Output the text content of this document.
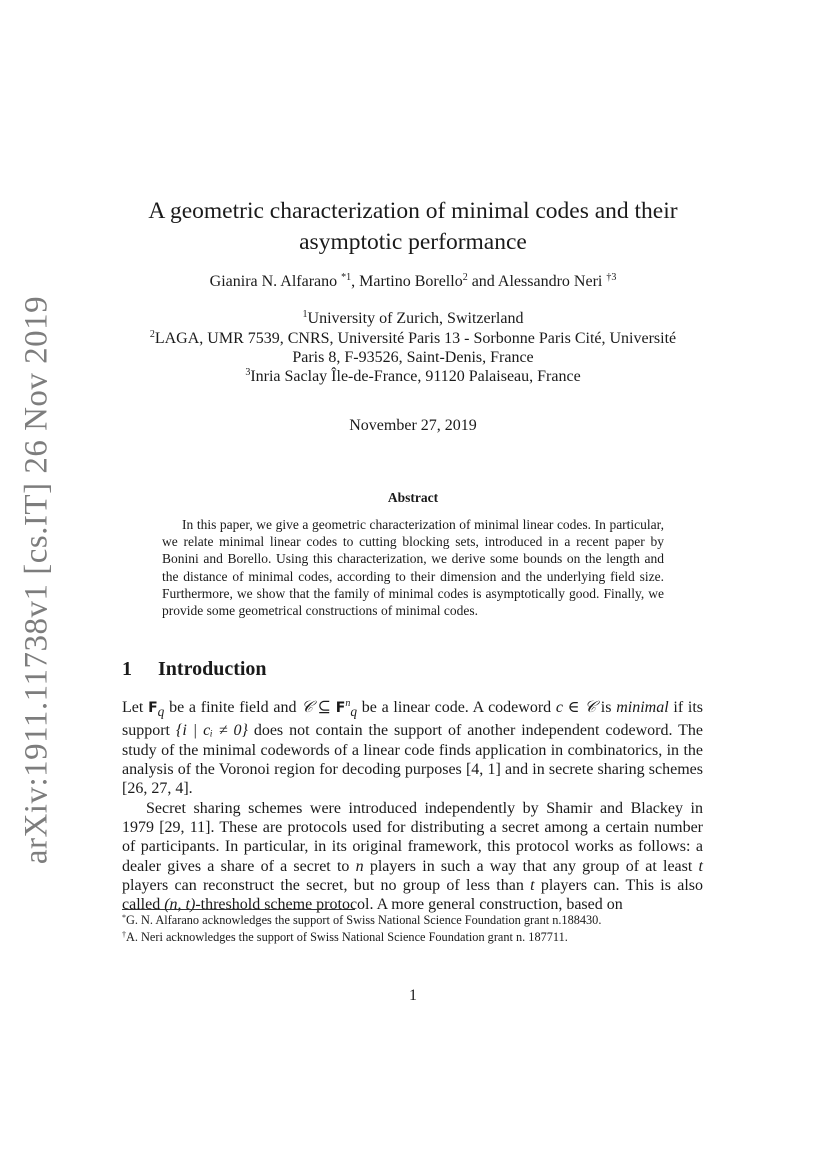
arXiv:1911.11738v1 [cs.IT] 26 Nov 2019
A geometric characterization of minimal codes and their
asymptotic performance
Gianira N. Alfarano $^{*1}$, Martino Borello$^2$ and Alessandro Neri $^{\dagger 3}$
$^1$University of Zurich, Switzerland
$^2$LAGA, UMR 7539, CNRS, Université Paris 13 - Sorbonne Paris Cité, Université
Paris 8, F-93526, Saint-Denis, France
$^3$Inria Saclay Île-de-France, 91120 Palaiseau, France
November 27, 2019
Abstract

In this paper, we give a geometric characterization of minimal linear codes. In particular, we relate minimal linear codes to cutting blocking sets, introduced in a recent paper by Bonini and Borello. Using this characterization, we derive some bounds on the length and the distance of minimal codes, according to their dimension and the underlying field size. Furthermore, we show that the family of minimal codes is asymptotically good. Finally, we provide some geometrical constructions of minimal codes.

1 Introduction

Let $F_q$ be a finite field and 𝒞 ⊆ $F^n_q$ be a linear code. A codeword c ∈ 𝒞 is minimal if its support {i | cᵢ ≠ 0} does not contain the support of another independent codeword. The study of the minimal codewords of a linear code finds application in combinatorics, in the analysis of the Voronoi region for decoding purposes [4, 1] and in secrete sharing schemes [26, 27, 4].

Secret sharing schemes were introduced independently by Shamir and Blackey in 1979 [29, 11]. These are protocols used for distributing a secret among a certain number of participants. In particular, in its original framework, this protocol works as follows: a dealer gives a share of a secret to n players in such a way that any group of at least t players can reconstruct the secret, but no group of less than t players can. This is also called (n, t)-threshold scheme protocol. A more general construction, based on

*G. N. Alfarano acknowledges the support of Swiss National Science Foundation grant n.188430.
†A. Neri acknowledges the support of Swiss National Science Foundation grant n. 187711.
1
